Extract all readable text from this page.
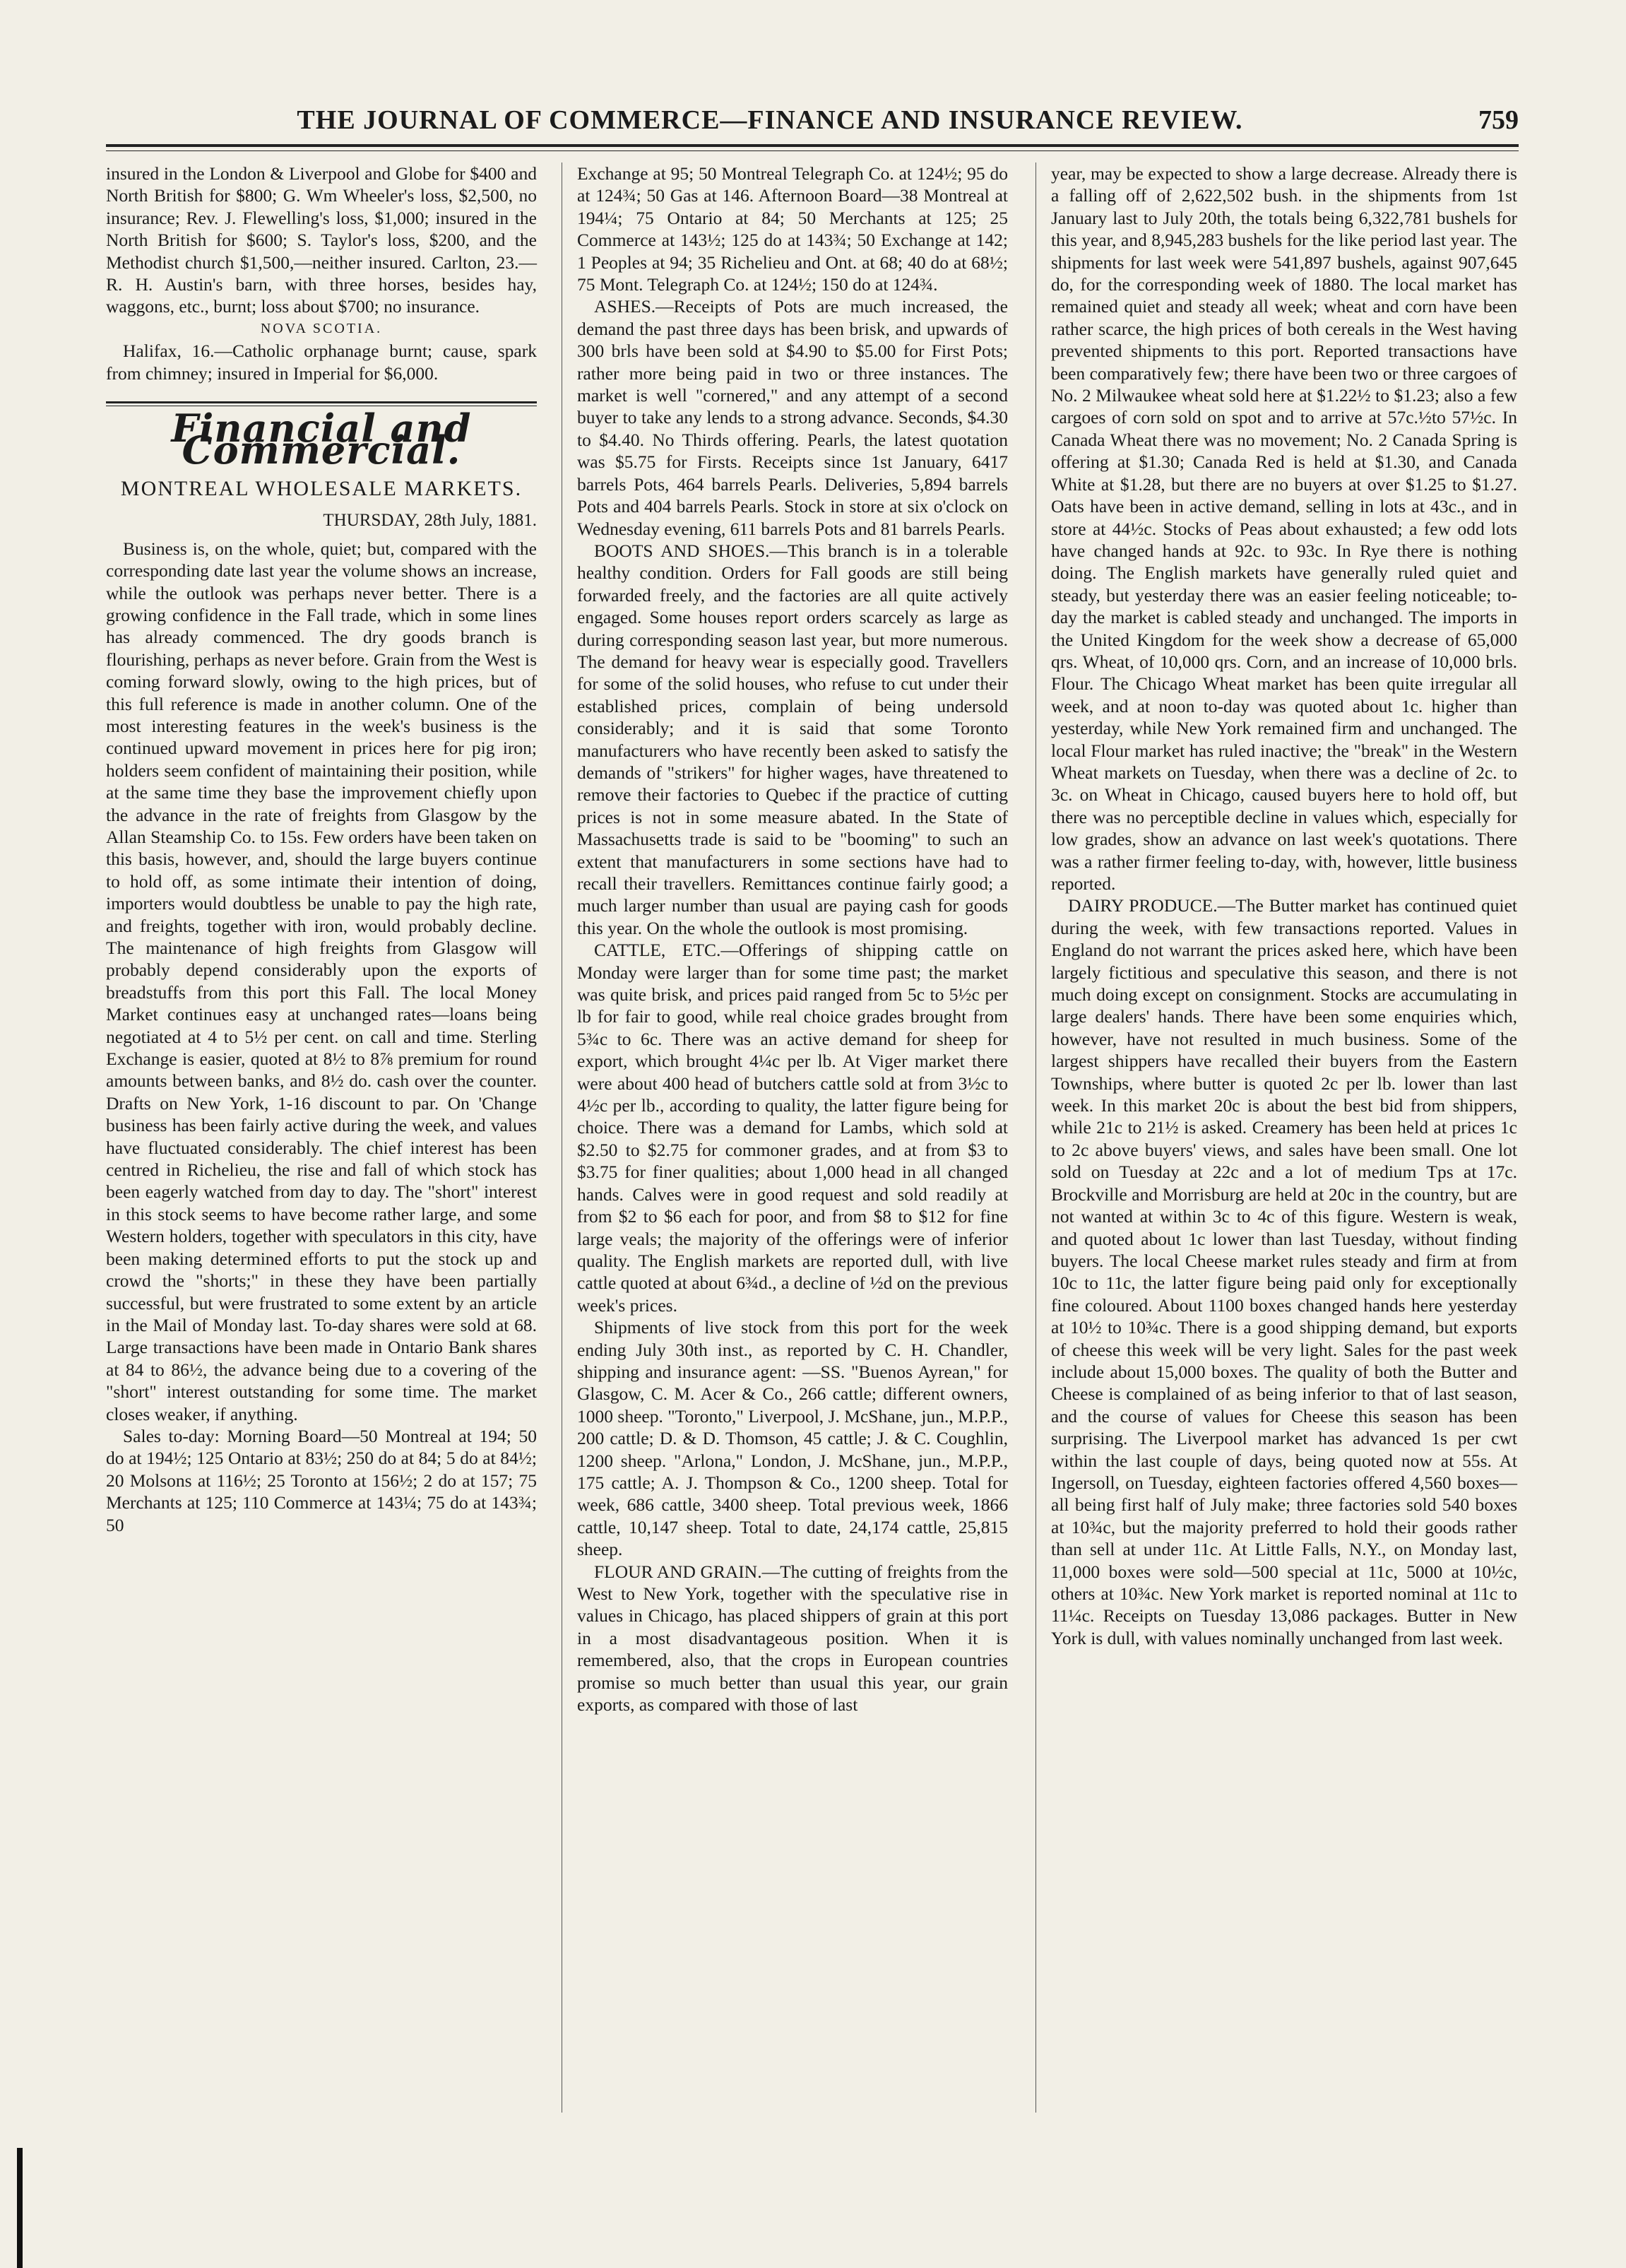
THE JOURNAL OF COMMERCE—FINANCE AND INSURANCE REVIEW.	759

insured in the London & Liverpool and Globe for $400 and North British for $800; G. Wm Wheeler's loss, $2,500, no insurance; Rev. J. Flewelling's loss, $1,000; insured in the North British for $600; S. Taylor's loss, $200, and the Methodist church $1,500,—neither insured. Carlton, 23.—R. H. Austin's barn, with three horses, besides hay, waggons, etc., burnt; loss about $700; no insurance.

NOVA SCOTIA.

Halifax, 16.—Catholic orphanage burnt; cause, spark from chimney; insured in Imperial for $6,000.

Financial and Commercial.
MONTREAL WHOLESALE MARKETS.
THURSDAY, 28th July, 1881.

Business is, on the whole, quiet; but, compared with the corresponding date last year the volume shows an increase, while the outlook was perhaps never better. There is a growing confidence in the Fall trade, which in some lines has already commenced. The dry goods branch is flourishing, perhaps as never before. Grain from the West is coming forward slowly, owing to the high prices, but of this full reference is made in another column. One of the most interesting features in the week's business is the continued upward movement in prices here for pig iron; holders seem confident of maintaining their position, while at the same time they base the improvement chiefly upon the advance in the rate of freights from Glasgow by the Allan Steamship Co. to 15s. Few orders have been taken on this basis, however, and, should the large buyers continue to hold off, as some intimate their intention of doing, importers would doubtless be unable to pay the high rate, and freights, together with iron, would probably decline. The maintenance of high freights from Glasgow will probably depend considerably upon the exports of breadstuffs from this port this Fall. The local Money Market continues easy at unchanged rates—loans being negotiated at 4 to 5½ per cent. on call and time. Sterling Exchange is easier, quoted at 8½ to 8⅞ premium for round amounts between banks, and 8½ do. cash over the counter. Drafts on New York, 1-16 discount to par. On 'Change business has been fairly active during the week, and values have fluctuated considerably. The chief interest has been centred in Richelieu, the rise and fall of which stock has been eagerly watched from day to day. The "short" interest in this stock seems to have become rather large, and some Western holders, together with speculators in this city, have been making determined efforts to put the stock up and crowd the "shorts;" in these they have been partially successful, but were frustrated to some extent by an article in the Mail of Monday last. To-day shares were sold at 68. Large transactions have been made in Ontario Bank shares at 84 to 86½, the advance being due to a covering of the "short" interest outstanding for some time. The market closes weaker, if anything.

Sales to-day: Morning Board—50 Montreal at 194; 50 do at 194½; 125 Ontario at 83½; 250 do at 84; 5 do at 84½; 20 Molsons at 116½; 25 Toronto at 156½; 2 do at 157; 75 Merchants at 125; 110 Commerce at 143¼; 75 do at 143¾; 50

Exchange at 95; 50 Montreal Telegraph Co. at 124½; 95 do at 124¾; 50 Gas at 146. Afternoon Board—38 Montreal at 194¼; 75 Ontario at 84; 50 Merchants at 125; 25 Commerce at 143½; 125 do at 143¾; 50 Exchange at 142; 1 Peoples at 94; 35 Richelieu and Ont. at 68; 40 do at 68½; 75 Mont. Telegraph Co. at 124½; 150 do at 124¾.

ASHES.—Receipts of Pots are much increased, the demand the past three days has been brisk, and upwards of 300 brls have been sold at $4.90 to $5.00 for First Pots; rather more being paid in two or three instances. The market is well "cornered," and any attempt of a second buyer to take any lends to a strong advance. Seconds, $4.30 to $4.40. No Thirds offering. Pearls, the latest quotation was $5.75 for Firsts. Receipts since 1st January, 6417 barrels Pots, 464 barrels Pearls. Deliveries, 5,894 barrels Pots and 404 barrels Pearls. Stock in store at six o'clock on Wednesday evening, 611 barrels Pots and 81 barrels Pearls.

BOOTS AND SHOES.—This branch is in a tolerable healthy condition. Orders for Fall goods are still being forwarded freely, and the factories are all quite actively engaged. Some houses report orders scarcely as large as during corresponding season last year, but more numerous. The demand for heavy wear is especially good. Travellers for some of the solid houses, who refuse to cut under their established prices, complain of being undersold considerably; and it is said that some Toronto manufacturers who have recently been asked to satisfy the demands of "strikers" for higher wages, have threatened to remove their factories to Quebec if the practice of cutting prices is not in some measure abated. In the State of Massachusetts trade is said to be "booming" to such an extent that manufacturers in some sections have had to recall their travellers. Remittances continue fairly good; a much larger number than usual are paying cash for goods this year. On the whole the outlook is most promising.

CATTLE, ETC.—Offerings of shipping cattle on Monday were larger than for some time past; the market was quite brisk, and prices paid ranged from 5c to 5½c per lb for fair to good, while real choice grades brought from 5¾c to 6c. There was an active demand for sheep for export, which brought 4¼c per lb. At Viger market there were about 400 head of butchers cattle sold at from 3½c to 4½c per lb., according to quality, the latter figure being for choice. There was a demand for Lambs, which sold at $2.50 to $2.75 for commoner grades, and at from $3 to $3.75 for finer qualities; about 1,000 head in all changed hands. Calves were in good request and sold readily at from $2 to $6 each for poor, and from $8 to $12 for fine large veals; the majority of the offerings were of inferior quality. The English markets are reported dull, with live cattle quoted at about 6¾d., a decline of ½d on the previous week's prices.

Shipments of live stock from this port for the week ending July 30th inst., as reported by C. H. Chandler, shipping and insurance agent: —SS. "Buenos Ayrean," for Glasgow, C. M. Acer & Co., 266 cattle; different owners, 1000 sheep. "Toronto," Liverpool, J. McShane, jun., M.P.P., 200 cattle; D. & D. Thomson, 45 cattle; J. & C. Coughlin, 1200 sheep. "Arlona," London, J. McShane, jun., M.P.P., 175 cattle; A. J. Thompson & Co., 1200 sheep. Total for week, 686 cattle, 3400 sheep. Total previous week, 1866 cattle, 10,147 sheep. Total to date, 24,174 cattle, 25,815 sheep.

FLOUR AND GRAIN.—The cutting of freights from the West to New York, together with the speculative rise in values in Chicago, has placed shippers of grain at this port in a most disadvantageous position. When it is remembered, also, that the crops in European countries promise so much better than usual this year, our grain exports, as compared with those of last

year, may be expected to show a large decrease. Already there is a falling off of 2,622,502 bush. in the shipments from 1st January last to July 20th, the totals being 6,322,781 bushels for this year, and 8,945,283 bushels for the like period last year. The shipments for last week were 541,897 bushels, against 907,645 do, for the corresponding week of 1880. The local market has remained quiet and steady all week; wheat and corn have been rather scarce, the high prices of both cereals in the West having prevented shipments to this port. Reported transactions have been comparatively few; there have been two or three cargoes of No. 2 Milwaukee wheat sold here at $1.22½ to $1.23; also a few cargoes of corn sold on spot and to arrive at 57c.½to 57½c. In Canada Wheat there was no movement; No. 2 Canada Spring is offering at $1.30; Canada Red is held at $1.30, and Canada White at $1.28, but there are no buyers at over $1.25 to $1.27. Oats have been in active demand, selling in lots at 43c., and in store at 44½c. Stocks of Peas about exhausted; a few odd lots have changed hands at 92c. to 93c. In Rye there is nothing doing. The English markets have generally ruled quiet and steady, but yesterday there was an easier feeling noticeable; to-day the market is cabled steady and unchanged. The imports in the United Kingdom for the week show a decrease of 65,000 qrs. Wheat, of 10,000 qrs. Corn, and an increase of 10,000 brls. Flour. The Chicago Wheat market has been quite irregular all week, and at noon to-day was quoted about 1c. higher than yesterday, while New York remained firm and unchanged. The local Flour market has ruled inactive; the "break" in the Western Wheat markets on Tuesday, when there was a decline of 2c. to 3c. on Wheat in Chicago, caused buyers here to hold off, but there was no perceptible decline in values which, especially for low grades, show an advance on last week's quotations. There was a rather firmer feeling to-day, with, however, little business reported.

DAIRY PRODUCE.—The Butter market has continued quiet during the week, with few transactions reported. Values in England do not warrant the prices asked here, which have been largely fictitious and speculative this season, and there is not much doing except on consignment. Stocks are accumulating in large dealers' hands. There have been some enquiries which, however, have not resulted in much business. Some of the largest shippers have recalled their buyers from the Eastern Townships, where butter is quoted 2c per lb. lower than last week. In this market 20c is about the best bid from shippers, while 21c to 21½ is asked. Creamery has been held at prices 1c to 2c above buyers' views, and sales have been small. One lot sold on Tuesday at 22c and a lot of medium Tps at 17c. Brockville and Morrisburg are held at 20c in the country, but are not wanted at within 3c to 4c of this figure. Western is weak, and quoted about 1c lower than last Tuesday, without finding buyers. The local Cheese market rules steady and firm at from 10c to 11c, the latter figure being paid only for exceptionally fine coloured. About 1100 boxes changed hands here yesterday at 10½ to 10¾c. There is a good shipping demand, but exports of cheese this week will be very light. Sales for the past week include about 15,000 boxes. The quality of both the Butter and Cheese is complained of as being inferior to that of last season, and the course of values for Cheese this season has been surprising. The Liverpool market has advanced 1s per cwt within the last couple of days, being quoted now at 55s. At Ingersoll, on Tuesday, eighteen factories offered 4,560 boxes—all being first half of July make; three factories sold 540 boxes at 10¾c, but the majority preferred to hold their goods rather than sell at under 11c. At Little Falls, N.Y., on Monday last, 11,000 boxes were sold—500 special at 11c, 5000 at 10½c, others at 10¾c. New York market is reported nominal at 11c to 11¼c. Receipts on Tuesday 13,086 packages. Butter in New York is dull, with values nominally unchanged from last week.
